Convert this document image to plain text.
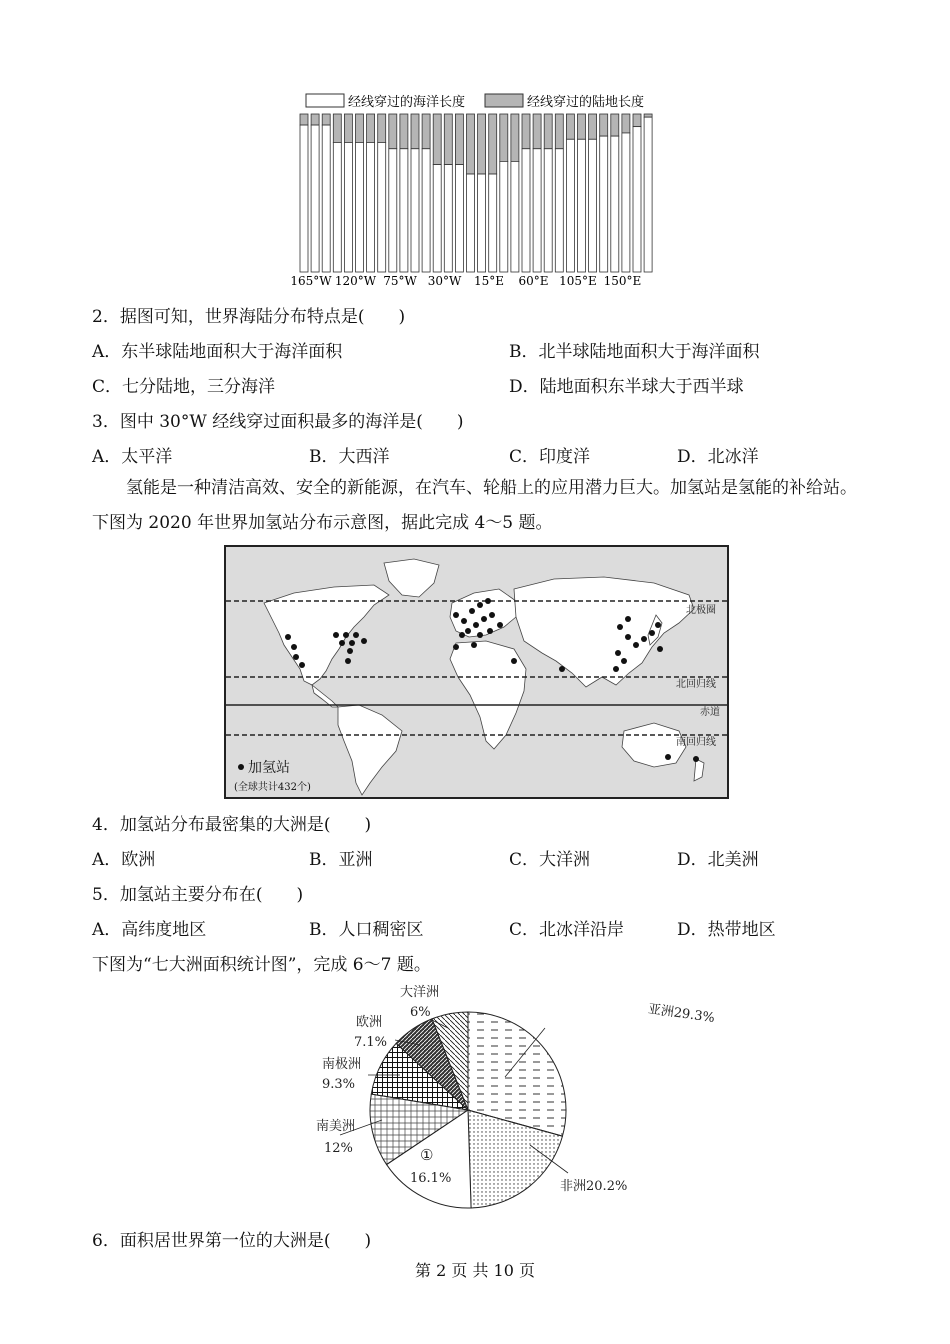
经线穿过的海洋长度	经线穿过的陆地长度
165°W 120°W 75°W 30°W 15°E 60°E 105°E 150°E
2．据图可知，世界海陆分布特点是(　　)
A．东半球陆地面积大于海洋面积	B．北半球陆地面积大于海洋面积
C．七分陆地，三分海洋	D．陆地面积东半球大于西半球
3．图中 30°W 经线穿过面积最多的海洋是(　　)
A．太平洋	B．大西洋	C．印度洋	D．北冰洋
氢能是一种清洁高效、安全的新能源，在汽车、轮船上的应用潜力巨大。加氢站是氢能的补给站。下图为 2020 年世界加氢站分布示意图，据此完成 4～5 题。
北极圈
北回归线
赤道
南回归线
加氢站
(全球共计432个)
4．加氢站分布最密集的大洲是(　　)
A．欧洲	B．亚洲	C．大洋洲	D．北美洲
5．加氢站主要分布在(　　)
A．高纬度地区	B．人口稠密区	C．北冰洋沿岸	D．热带地区
下图为“七大洲面积统计图”，完成 6～7 题。
亚洲29.3%
非洲20.2%
①
16.1%
南美洲
12%
南极洲
9.3%
欧洲
7.1%
大洋洲
6%
6．面积居世界第一位的大洲是(　　)
第 2 页 共 10 页
